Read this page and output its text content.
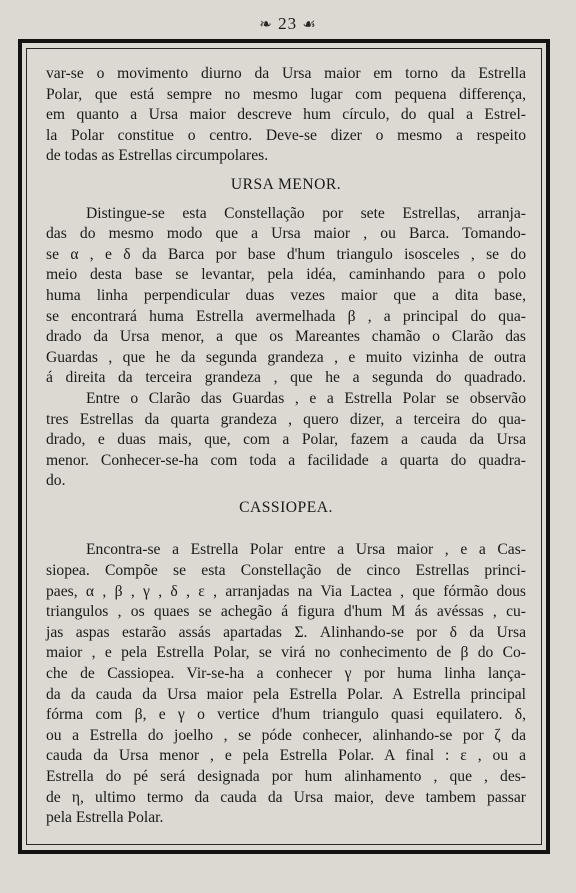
❧ 23 ☙
var-se o movimento diurno da Ursa maior em torno da Estrella
Polar, que está sempre no mesmo lugar com pequena differença,
em quanto a Ursa maior descreve hum círculo, do qual a Estrel-
la Polar constitue o centro. Deve-se dizer o mesmo a respeito
de todas as Estrellas circumpolares.
URSA MENOR.
Distingue-se esta Constellação por sete Estrellas, arranja-
das do mesmo modo que a Ursa maior , ou Barca. Tomando-
se α , e δ da Barca por base d'hum triangulo isosceles , se do
meio desta base se levantar, pela idéa, caminhando para o polo
huma linha perpendicular duas vezes maior que a dita base,
se encontrará huma Estrella avermelhada β , a principal do qua-
drado da Ursa menor, a que os Mareantes chamão o Clarão das
Guardas , que he da segunda grandeza , e muito vizinha de outra
á direita da terceira grandeza , que he a segunda do quadrado.
Entre o Clarão das Guardas , e a Estrella Polar se observão
tres Estrellas da quarta grandeza , quero dizer, a terceira do qua-
drado, e duas mais, que, com a Polar, fazem a cauda da Ursa
menor. Conhecer-se-ha com toda a facilidade a quarta do quadra-
do.
CASSIOPEA.
Encontra-se a Estrella Polar entre a Ursa maior , e a Cas-
siopea. Compõe se esta Constellação de cinco Estrellas princi-
paes, α , β , γ , δ , ε , arranjadas na Via Lactea , que fórmão dous
triangulos , os quaes se achegão á figura d'hum M ás avéssas , cu-
jas aspas estarão assás apartadas Σ. Alinhando-se por δ da Ursa
maior , e pela Estrella Polar, se virá no conhecimento de β do Co-
che de Cassiopea. Vir-se-ha a conhecer γ por huma linha lança-
da da cauda da Ursa maior pela Estrella Polar. A Estrella principal
fórma com β, e γ o vertice d'hum triangulo quasi equilatero. δ,
ou a Estrella do joelho , se póde conhecer, alinhando-se por ζ da
cauda da Ursa menor , e pela Estrella Polar. A final : ε , ou a
Estrella do pé será designada por hum alinhamento , que , des-
de η, ultimo termo da cauda da Ursa maior, deve tambem passar
pela Estrella Polar.
